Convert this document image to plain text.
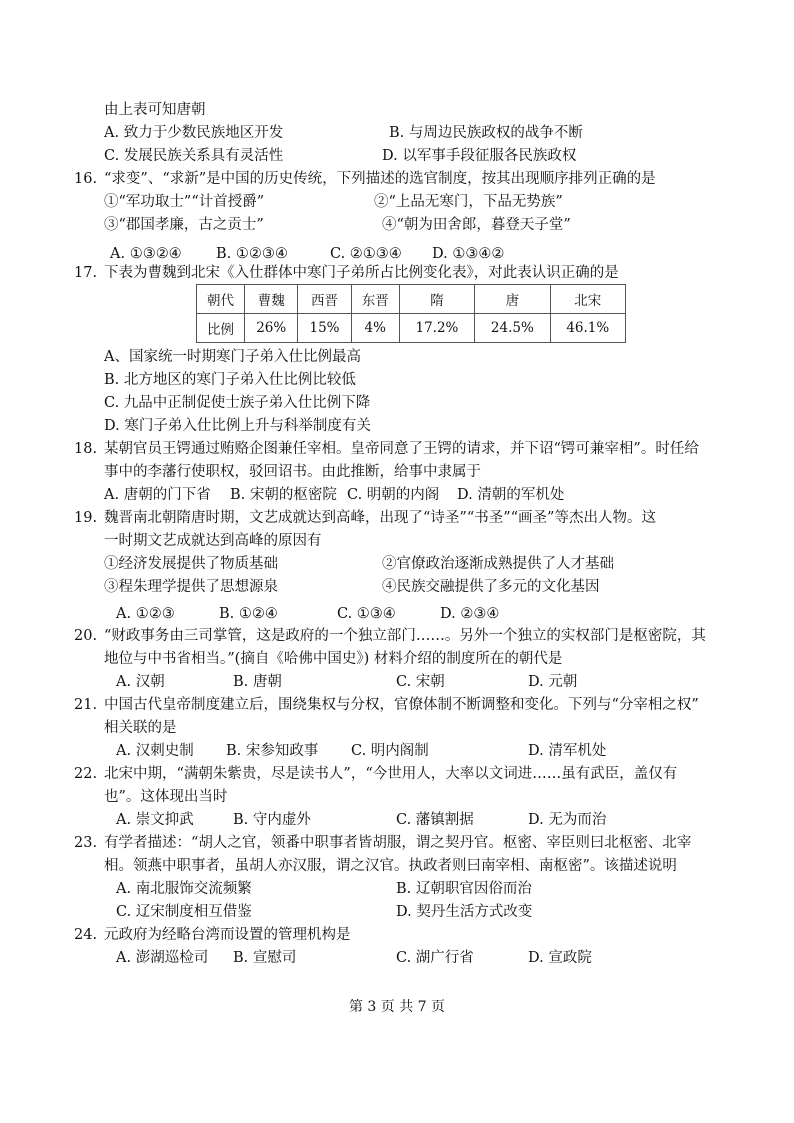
由上表可知唐朝
A. 致力于少数民族地区开发	B. 与周边民族政权的战争不断
C. 发展民族关系具有灵活性	D. 以军事手段征服各民族政权
16. “求变”、“求新”是中国的历史传统，下列描述的选官制度，按其出现顺序排列正确的是
①“军功取士”“计首授爵”	②“上品无寒门，下品无势族”
③“郡国孝廉，古之贡士”	④“朝为田舍郎，暮登天子堂”
A. ①③②④ B. ①②③④	C. ②①③④ D. ①③④②
17. 下表为曹魏到北宋《入仕群体中寒门子弟所占比例变化表》，对此表认识正确的是
朝代	曹魏	西晋	东晋	隋	唐	北宋
比例	26%	15%	4%	17.2%	24.5%	46.1%
A、国家统一时期寒门子弟入仕比例最高
B. 北方地区的寒门子弟入仕比例比较低
C. 九品中正制促使士族子弟入仕比例下降
D. 寒门子弟入仕比例上升与科举制度有关
18. 某朝官员王锷通过贿赂企图兼任宰相。皇帝同意了王锷的请求，并下诏“锷可兼宰相”。时任给
事中的李藩行使职权，驳回诏书。由此推断，给事中隶属于
A. 唐朝的门下省 B. 宋朝的枢密院 C. 明朝的内阁 D. 清朝的军机处
19. 魏晋南北朝隋唐时期，文艺成就达到高峰，出现了“诗圣”“书圣”“画圣”等杰出人物。这
一时期文艺成就达到高峰的原因有
①经济发展提供了物质基础	②官僚政治逐渐成熟提供了人才基础
③程朱理学提供了思想源泉	④民族交融提供了多元的文化基因
A. ①②③	B. ①②④	C. ①③④	D. ②③④
20. “财政事务由三司掌管，这是政府的一个独立部门……。另外一个独立的实权部门是枢密院，其
地位与中书省相当。”(摘自《哈佛中国史》) 材料介绍的制度所在的朝代是
A. 汉朝	B. 唐朝	C. 宋朝	D. 元朝
21. 中国古代皇帝制度建立后，围绕集权与分权，官僚体制不断调整和变化。下列与“分宰相之权”
相关联的是
A. 汉刺史制 B. 宋参知政事 C. 明内阁制	D. 清军机处
22. 北宋中期，“满朝朱紫贵，尽是读书人”，“今世用人，大率以文词进……虽有武臣，盖仅有
也”。这体现出当时
A. 崇文抑武	B. 守内虚外	C. 藩镇割据	D. 无为而治
23. 有学者描述：“胡人之官，领番中职事者皆胡服，谓之契丹官。枢密、宰臣则曰北枢密、北宰
相。领燕中职事者，虽胡人亦汉服，谓之汉官。执政者则曰南宰相、南枢密”。该描述说明
A. 南北服饰交流频繁	B. 辽朝职官因俗而治
C. 辽宋制度相互借鉴	D. 契丹生活方式改变
24. 元政府为经略台湾而设置的管理机构是
A. 澎湖巡检司 B. 宣慰司	C. 湖广行省	D. 宣政院
第 3 页 共 7 页
